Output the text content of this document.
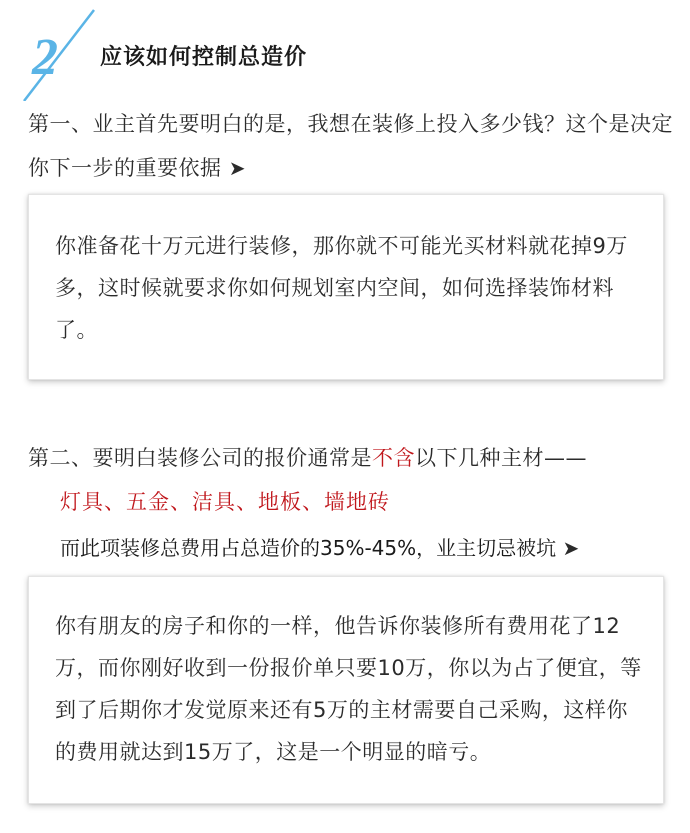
2 应该如何控制总造价
第一、业主首先要明白的是，我想在装修上投入多少钱？这个是决定你下一步的重要依据 ➤
你准备花十万元进行装修，那你就不可能光买材料就花掉9万多，这时候就要求你如何规划室内空间，如何选择装饰材料了。
第二、要明白装修公司的报价通常是不含以下几种主材——
灯具、五金、洁具、地板、墙地砖
而此项装修总费用占总造价的35%-45%，业主切忌被坑 ➤
你有朋友的房子和你的一样，他告诉你装修所有费用花了12万，而你刚好收到一份报价单只要10万，你以为占了便宜，等到了后期你才发觉原来还有5万的主材需要自己采购，这样你的费用就达到15万了，这是一个明显的暗亏。
